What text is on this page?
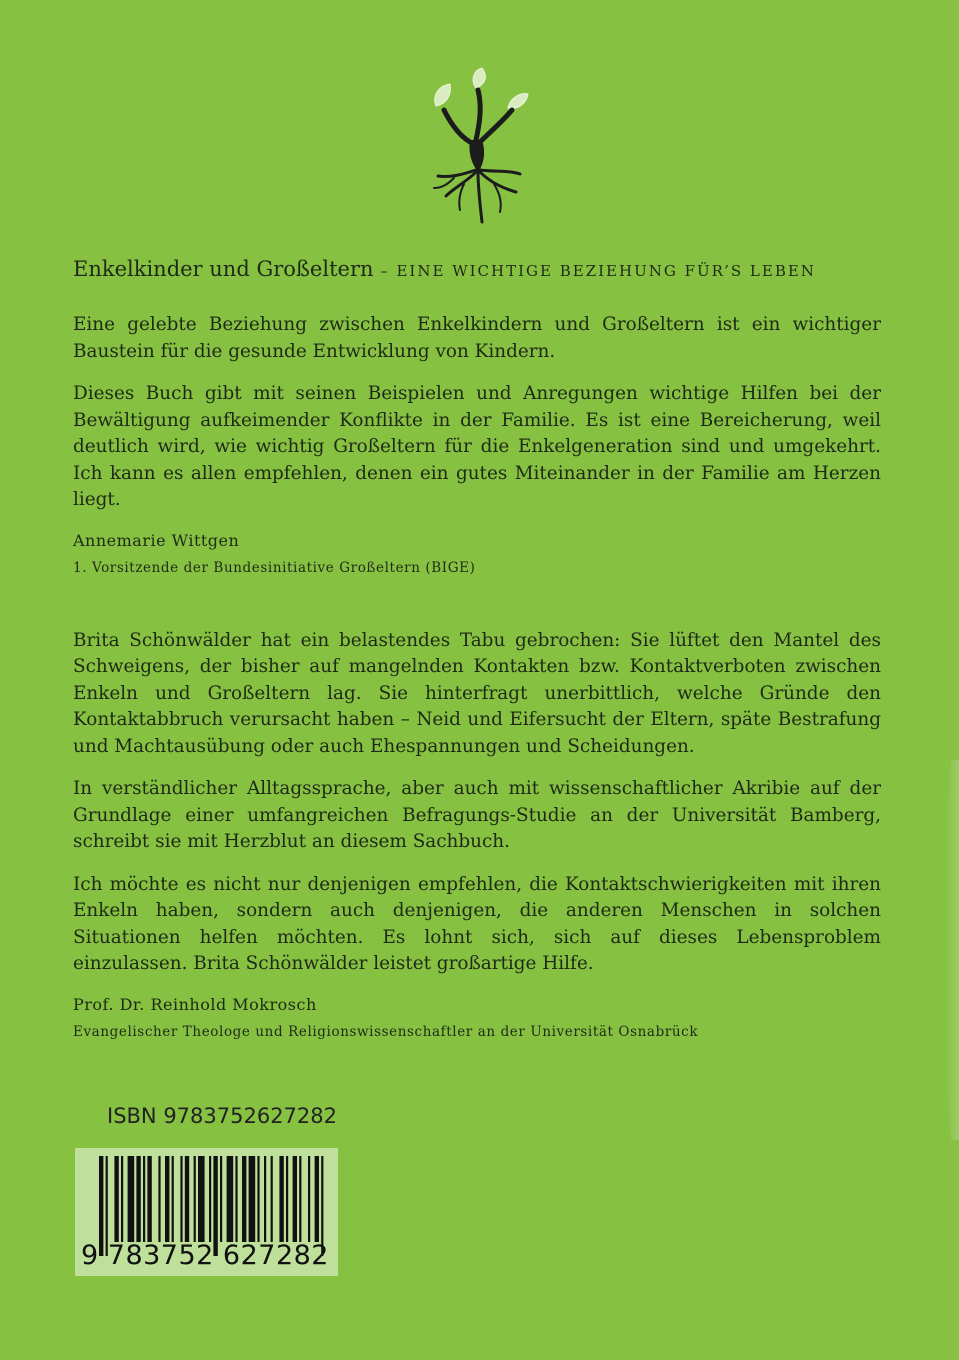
Enkelkinder und Großeltern – EINE WICHTIGE BEZIEHUNG FÜR’S LEBEN

Eine gelebte Beziehung zwischen Enkelkindern und Großeltern ist ein wichtiger Baustein für die gesunde Entwicklung von Kindern.

Dieses Buch gibt mit seinen Beispielen und Anregungen wichtige Hilfen bei der Bewältigung aufkeimender Konflikte in der Familie. Es ist eine Bereicherung, weil deutlich wird, wie wichtig Großeltern für die Enkelgeneration sind und umgekehrt. Ich kann es allen empfehlen, denen ein gutes Miteinander in der Familie am Herzen liegt.

Annemarie Wittgen
1. Vorsitzende der Bundesinitiative Großeltern (BIGE)

Brita Schönwälder hat ein belastendes Tabu gebrochen: Sie lüftet den Mantel des Schweigens, der bisher auf mangelnden Kontakten bzw. Kontaktverboten zwischen Enkeln und Großeltern lag. Sie hinterfragt unerbittlich, welche Gründe den Kontaktabbruch verursacht haben – Neid und Eifersucht der Eltern, späte Bestrafung und Machtausübung oder auch Ehespannungen und Scheidungen.

In verständlicher Alltagssprache, aber auch mit wissenschaftlicher Akribie auf der Grundlage einer umfangreichen Befragungs-Studie an der Universität Bamberg, schreibt sie mit Herzblut an diesem Sachbuch.

Ich möchte es nicht nur denjenigen empfehlen, die Kontaktschwierigkeiten mit ihren Enkeln haben, sondern auch denjenigen, die anderen Menschen in solchen Situationen helfen möchten. Es lohnt sich, sich auf dieses Lebensproblem einzulassen. Brita Schönwälder leistet großartige Hilfe.

Prof. Dr. Reinhold Mokrosch
Evangelischer Theologe und Religionswissenschaftler an der Universität Osnabrück
ISBN 9783752627282
9 783752 627282
